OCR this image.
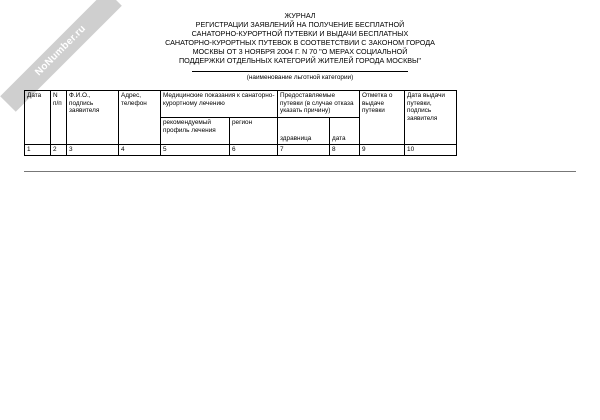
NoNumber.ru
ЖУРНАЛ
РЕГИСТРАЦИИ ЗАЯВЛЕНИЙ НА ПОЛУЧЕНИЕ БЕСПЛАТНОЙ
САНАТОРНО-КУРОРТНОЙ ПУТЕВКИ И ВЫДАЧИ БЕСПЛАТНЫХ
САНАТОРНО-КУРОРТНЫХ ПУТЕВОК В СООТВЕТСТВИИ С ЗАКОНОМ ГОРОДА
МОСКВЫ ОТ 3 НОЯБРЯ 2004 Г. N 70 "О МЕРАХ СОЦИАЛЬНОЙ
ПОДДЕРЖКИ ОТДЕЛЬНЫХ КАТЕГОРИЙ ЖИТЕЛЕЙ ГОРОДА МОСКВЫ"
(наименование льготной категории)
Дата	N п/п	Ф.И.О., подпись заявителя	Адрес, телефон	Медицинские показания к санаторно-курортному лечению		Предоставляемые путевки (в случае отказа указать причину)		Отметка о выдаче путевки	Дата выдачи путевки, подпись заявителя
				рекомендуемый профиль лечения	регион	здравница	дата		
1	2	3	4	5	6	7	8	9	10
